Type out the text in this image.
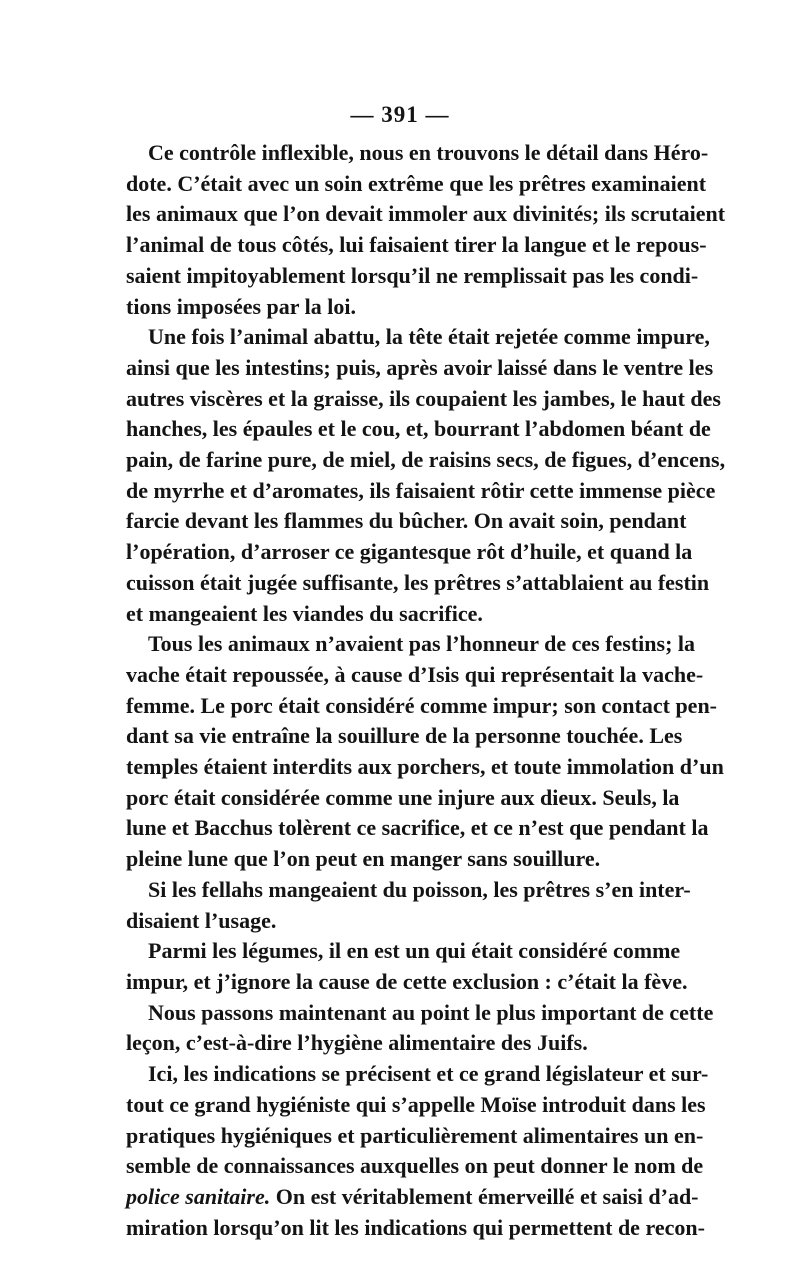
— 391 —

Ce contrôle inflexible, nous en trouvons le détail dans Héro-
dote. C’était avec un soin extrême que les prêtres examinaient
les animaux que l’on devait immoler aux divinités; ils scrutaient
l’animal de tous côtés, lui faisaient tirer la langue et le repous-
saient impitoyablement lorsqu’il ne remplissait pas les condi-
tions imposées par la loi.

Une fois l’animal abattu, la tête était rejetée comme impure,
ainsi que les intestins; puis, après avoir laissé dans le ventre les
autres viscères et la graisse, ils coupaient les jambes, le haut des
hanches, les épaules et le cou, et, bourrant l’abdomen béant de
pain, de farine pure, de miel, de raisins secs, de figues, d’encens,
de myrrhe et d’aromates, ils faisaient rôtir cette immense pièce
farcie devant les flammes du bûcher. On avait soin, pendant
l’opération, d’arroser ce gigantesque rôt d’huile, et quand la
cuisson était jugée suffisante, les prêtres s’attablaient au festin
et mangeaient les viandes du sacrifice.

Tous les animaux n’avaient pas l’honneur de ces festins; la
vache était repoussée, à cause d’Isis qui représentait la vache-
femme. Le porc était considéré comme impur; son contact pen-
dant sa vie entraîne la souillure de la personne touchée. Les
temples étaient interdits aux porchers, et toute immolation d’un
porc était considérée comme une injure aux dieux. Seuls, la
lune et Bacchus tolèrent ce sacrifice, et ce n’est que pendant la
pleine lune que l’on peut en manger sans souillure.

Si les fellahs mangeaient du poisson, les prêtres s’en inter-
disaient l’usage.

Parmi les légumes, il en est un qui était considéré comme
impur, et j’ignore la cause de cette exclusion : c’était la fève.

Nous passons maintenant au point le plus important de cette
leçon, c’est-à-dire l’hygiène alimentaire des Juifs.

Ici, les indications se précisent et ce grand législateur et sur-
tout ce grand hygiéniste qui s’appelle Moïse introduit dans les
pratiques hygiéniques et particulièrement alimentaires un en-
semble de connaissances auxquelles on peut donner le nom de
police sanitaire. On est véritablement émerveillé et saisi d’ad-
miration lorsqu’on lit les indications qui permettent de recon-
